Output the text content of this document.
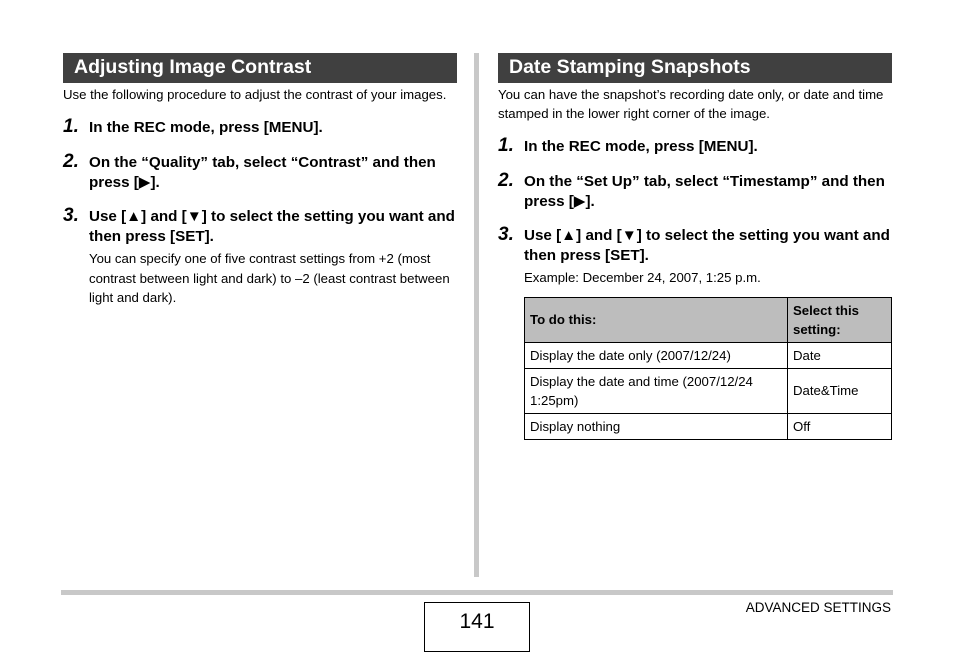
Adjusting Image Contrast

Use the following procedure to adjust the contrast of your images.

1. In the REC mode, press [MENU].
2. On the “Quality” tab, select “Contrast” and then press [▶].
3. Use [▲] and [▼] to select the setting you want and then press [SET].
You can specify one of five contrast settings from +2 (most contrast between light and dark) to –2 (least contrast between light and dark).
Date Stamping Snapshots

You can have the snapshot’s recording date only, or date and time stamped in the lower right corner of the image.

1. In the REC mode, press [MENU].
2. On the “Set Up” tab, select “Timestamp” and then press [▶].
3. Use [▲] and [▼] to select the setting you want and then press [SET].
Example: December 24, 2007, 1:25 p.m.
To do this:	Select this setting:
Display the date only (2007/12/24)	Date
Display the date and time (2007/12/24 1:25pm)	Date&Time
Display nothing	Off
141
ADVANCED SETTINGS
